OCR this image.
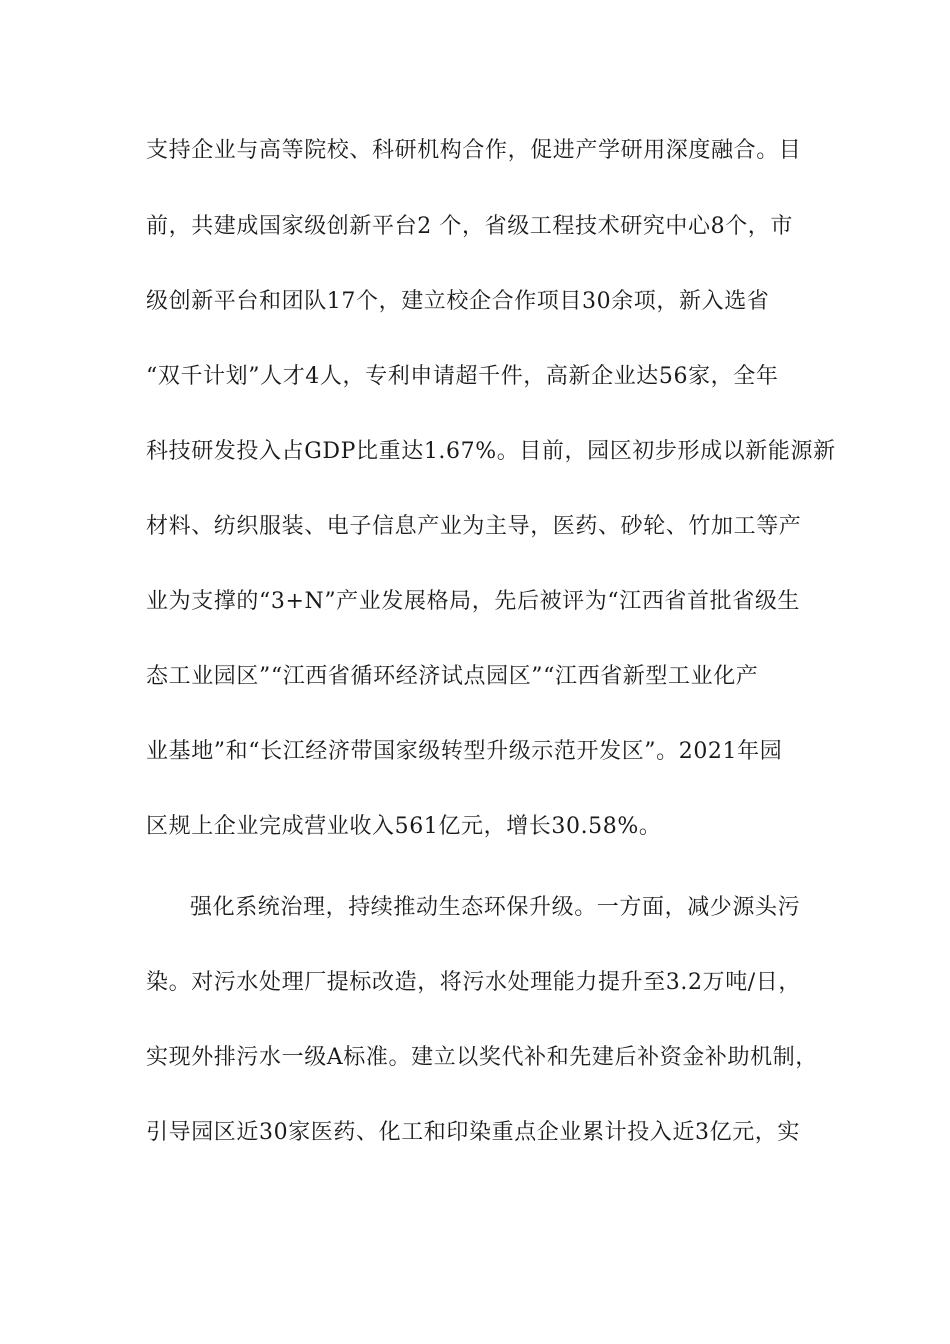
支持企业与高等院校、科研机构合作，促进产学研用深度融合。目
前，共建成国家级创新平台2 个，省级工程技术研究中心8个，市
级创新平台和团队17个，建立校企合作项目30余项，新入选省
“双千计划”人才4人，专利申请超千件，高新企业达56家，全年
科技研发投入占GDP比重达1.67%。目前，园区初步形成以新能源新
材料、纺织服装、电子信息产业为主导，医药、砂轮、竹加工等产
业为支撑的“3+N”产业发展格局，先后被评为“江西省首批省级生
态工业园区”“江西省循环经济试点园区”“江西省新型工业化产
业基地”和“长江经济带国家级转型升级示范开发区”。2021年园
区规上企业完成营业收入561亿元，增长30.58%。
强化系统治理，持续推动生态环保升级。一方面，减少源头污
染。对污水处理厂提标改造，将污水处理能力提升至3.2万吨/日，
实现外排污水一级A标准。建立以奖代补和先建后补资金补助机制，
引导园区近30家医药、化工和印染重点企业累计投入近3亿元，实
